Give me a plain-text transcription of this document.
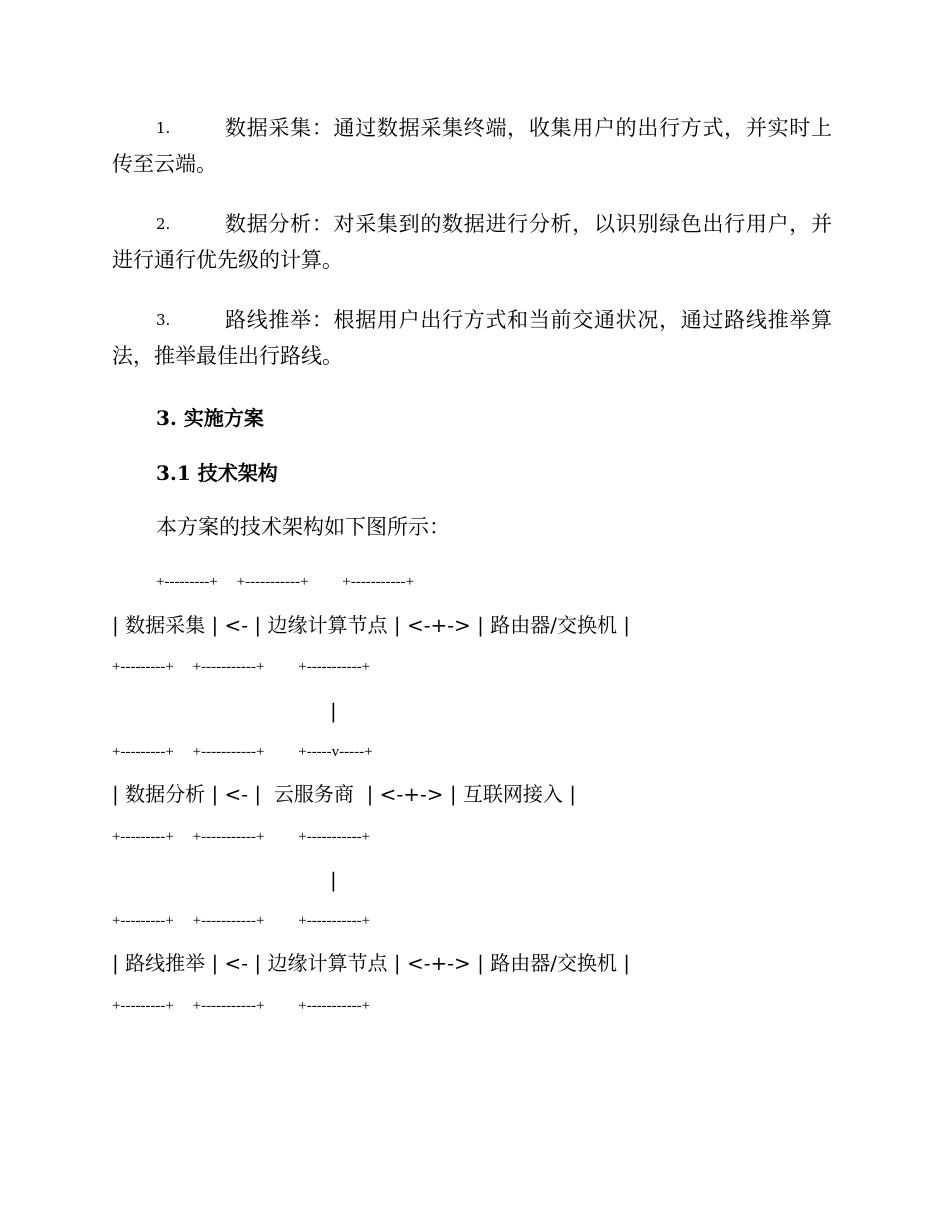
1.	数据采集：通过数据采集终端，收集用户的出行方式，并实时上传至云端。
2.	数据分析：对采集到的数据进行分析，以识别绿色出行用户，并进行通行优先级的计算。
3.	路线推举：根据用户出行方式和当前交通状况，通过路线推举算法，推举最佳出行路线。
3. 实施方案
3.1 技术架构
本方案的技术架构如下图所示：
+---------+     +-----------+         +-----------+
| 数据采集 | <- | 边缘计算节点 | <-+-> | 路由器/交换机 |
+---------+     +-----------+         +-----------+
|
+---------+     +-----------+         +-----v-----+
| 数据分析 | <- |  云服务商  | <-+-> | 互联网接入 |
+---------+     +-----------+         +-----------+
|
+---------+     +-----------+         +-----------+
| 路线推举 | <- | 边缘计算节点 | <-+-> | 路由器/交换机 |
+---------+     +-----------+         +-----------+
